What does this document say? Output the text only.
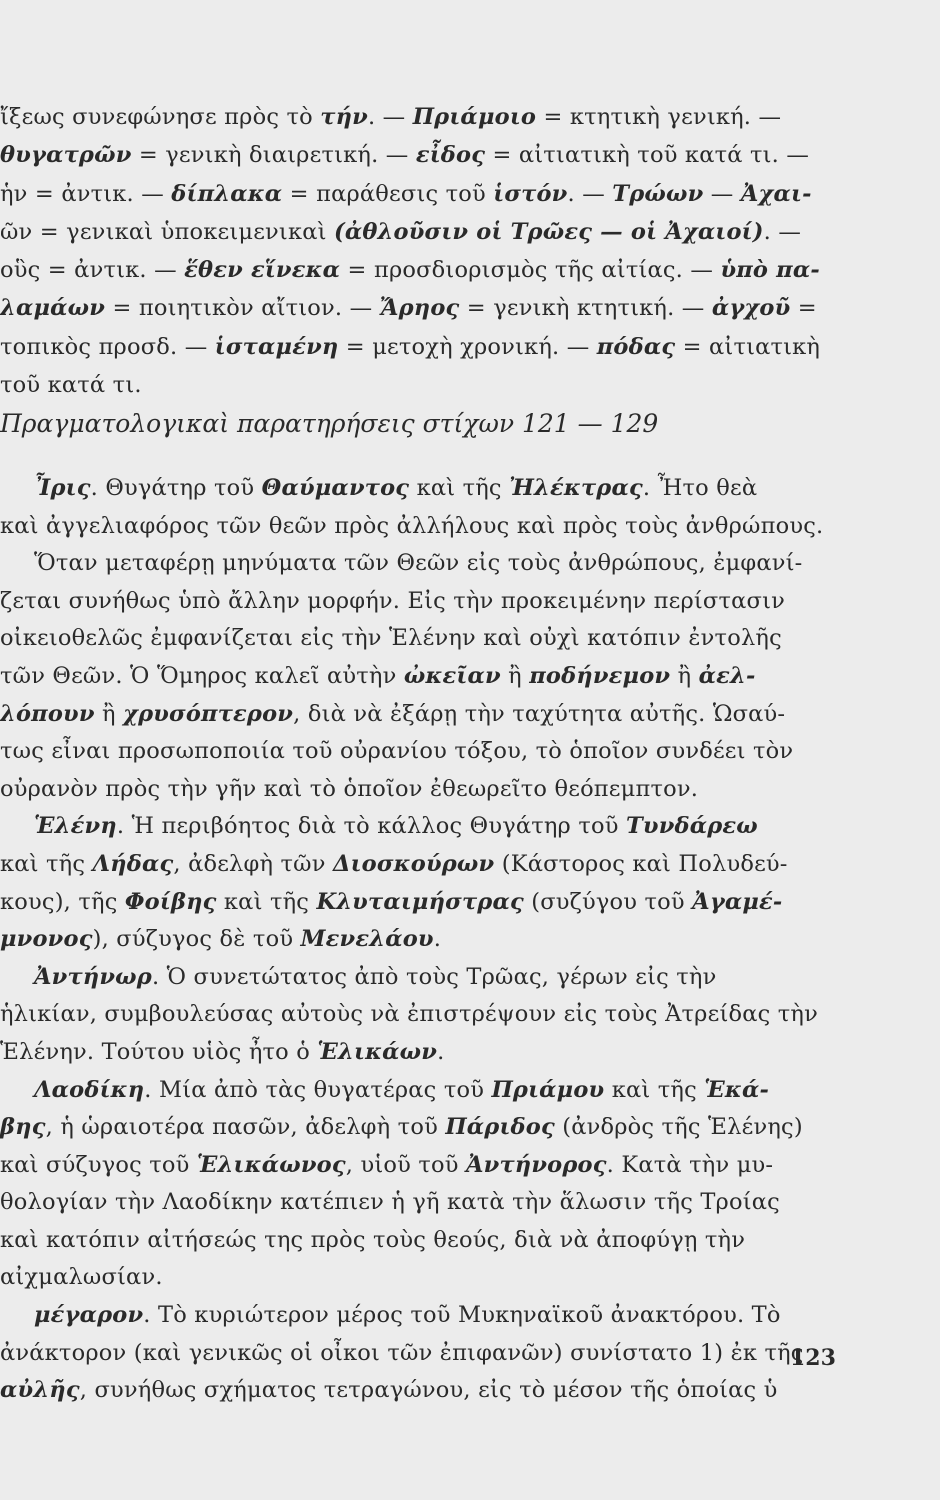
ἴξεως συνεφώνησε πρὸς τὸ τήν. — Πριάμοιο = κτητικὴ γενική. —
θυγατρῶν = γενικὴ διαιρετική. — εἶδος = αἰτιατικὴ τοῦ κατά τι. —
ἡν = ἀντικ. — δίπλακα = παράθεσις τοῦ ἱστόν. — Τρώων — Ἀχαι-
ῶν = γενικαὶ ὑποκειμενικαὶ (ἀθλοῦσιν οἱ Τρῶες — οἱ Ἀχαιοί). —
οὓς = ἀντικ. — ἕθεν εἵνεκα = προσδιορισμὸς τῆς αἰτίας. — ὑπὸ πα-
λαμάων = ποιητικὸν αἴτιον. — Ἄρηος = γενικὴ κτητική. — ἀγχοῦ =
τοπικὸς προσδ. — ἱσταμένη = μετοχὴ χρονική. — πόδας = αἰτιατικὴ
τοῦ κατά τι.
Πραγματολογικαὶ παρατηρήσεις στίχων 121 — 129
Ἶρις. Θυγάτηρ τοῦ Θαύμαντος καὶ τῆς Ἠλέκτρας. Ἦτο θεὰ
καὶ ἀγγελιαφόρος τῶν θεῶν πρὸς ἀλλήλους καὶ πρὸς τοὺς ἀνθρώπους.
Ὅταν μεταφέρῃ μηνύματα τῶν Θεῶν εἰς τοὺς ἀνθρώπους, ἐμφανί-
ζεται συνήθως ὑπὸ ἄλλην μορφήν. Εἰς τὴν προκειμένην περίστασιν
οἰκειοθελῶς ἐμφανίζεται εἰς τὴν Ἑλένην καὶ οὐχὶ κατόπιν ἐντολῆς
τῶν Θεῶν. Ὁ Ὅμηρος καλεῖ αὐτὴν ὠκεῖαν ἢ ποδήνεμον ἢ ἀελ-
λόπουν ἢ χρυσόπτερον, διὰ νὰ ἐξάρῃ τὴν ταχύτητα αὐτῆς. Ὡσαύ-
τως εἶναι προσωποποιία τοῦ οὐρανίου τόξου, τὸ ὁποῖον συνδέει τὸν
οὐρανὸν πρὸς τὴν γῆν καὶ τὸ ὁποῖον ἐθεωρεῖτο θεόπεμπτον.
Ἑλένη. Ἡ περιβόητος διὰ τὸ κάλλος Θυγάτηρ τοῦ Τυνδάρεω
καὶ τῆς Λήδας, ἀδελφὴ τῶν Διοσκούρων (Κάστορος καὶ Πολυδεύ-
κους), τῆς Φοίβης καὶ τῆς Κλυταιμήστρας (συζύγου τοῦ Ἀγαμέ-
μνονος), σύζυγος δὲ τοῦ Μενελάου.
Ἀντήνωρ. Ὁ συνετώτατος ἀπὸ τοὺς Τρῶας, γέρων εἰς τὴν
ἡλικίαν, συμβουλεύσας αὐτοὺς νὰ ἐπιστρέψουν εἰς τοὺς Ἀτρείδας τὴν
Ἑλένην. Τούτου υἱὸς ἦτο ὁ Ἑλικάων.
Λαοδίκη. Μία ἀπὸ τὰς θυγατέρας τοῦ Πριάμου καὶ τῆς Ἑκά-
βης, ἡ ὡραιοτέρα πασῶν, ἀδελφὴ τοῦ Πάριδος (ἀνδρὸς τῆς Ἑλένης)
καὶ σύζυγος τοῦ Ἑλικάωνος, υἱοῦ τοῦ Ἀντήνορος. Κατὰ τὴν μυ-
θολογίαν τὴν Λαοδίκην κατέπιεν ἡ γῆ κατὰ τὴν ἅλωσιν τῆς Τροίας
καὶ κατόπιν αἰτήσεώς της πρὸς τοὺς θεούς, διὰ νὰ ἀποφύγῃ τὴν
αἰχμαλωσίαν.
μέγαρον. Τὸ κυριώτερον μέρος τοῦ Μυκηναϊκοῦ ἀνακτόρου. Τὸ
ἀνάκτορον (καὶ γενικῶς οἱ οἶκοι τῶν ἐπιφανῶν) συνίστατο 1) ἐκ τῆς
αὐλῆς, συνήθως σχήματος τετραγώνου, εἰς τὸ μέσον τῆς ὁποίας ὑ
123
